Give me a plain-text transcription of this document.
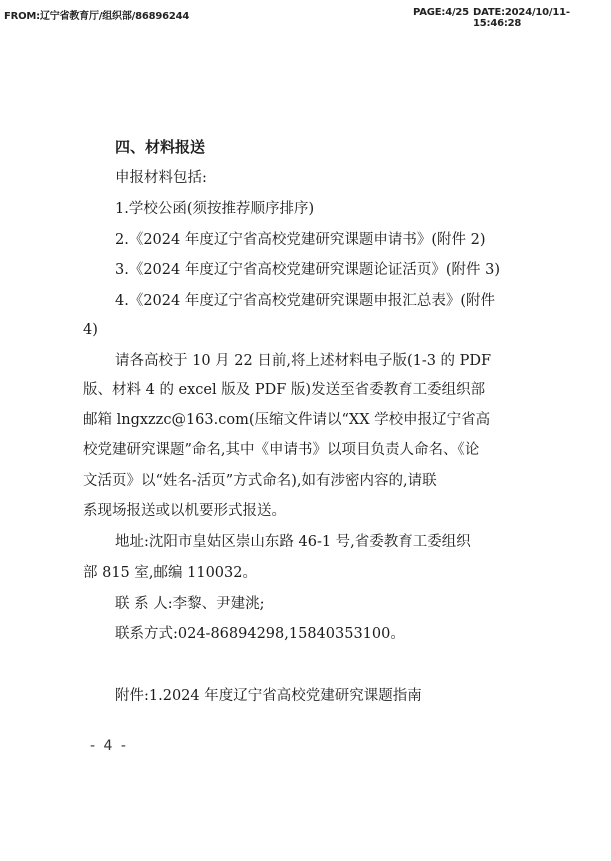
FROM:辽宁省教育厅/组织部/86896244	PAGE:4/25 DATE:2024/10/11-15:46:28
四、材料报送
申报材料包括:
1.学校公函(须按推荐顺序排序)
2.《2024 年度辽宁省高校党建研究课题申请书》(附件 2)
3.《2024 年度辽宁省高校党建研究课题论证活页》(附件 3)
4.《2024 年度辽宁省高校党建研究课题申报汇总表》(附件
4)
请各高校于 10 月 22 日前,将上述材料电子版(1-3 的 PDF
版、材料 4 的 excel 版及 PDF 版)发送至省委教育工委组织部
邮箱 lngxzzc@163.com(压缩文件请以“XX 学校申报辽宁省高
校党建研究课题”命名,其中《申请书》以项目负责人命名、《论
文活页》以“姓名-活页”方式命名),如有涉密内容的,请联
系现场报送或以机要形式报送。
地址:沈阳市皇姑区崇山东路 46-1 号,省委教育工委组织
部 815 室,邮编 110032。
联 系 人:李黎、尹建洮;
联系方式:024-86894298,15840353100。
附件:1.2024 年度辽宁省高校党建研究课题指南
- 4 -
